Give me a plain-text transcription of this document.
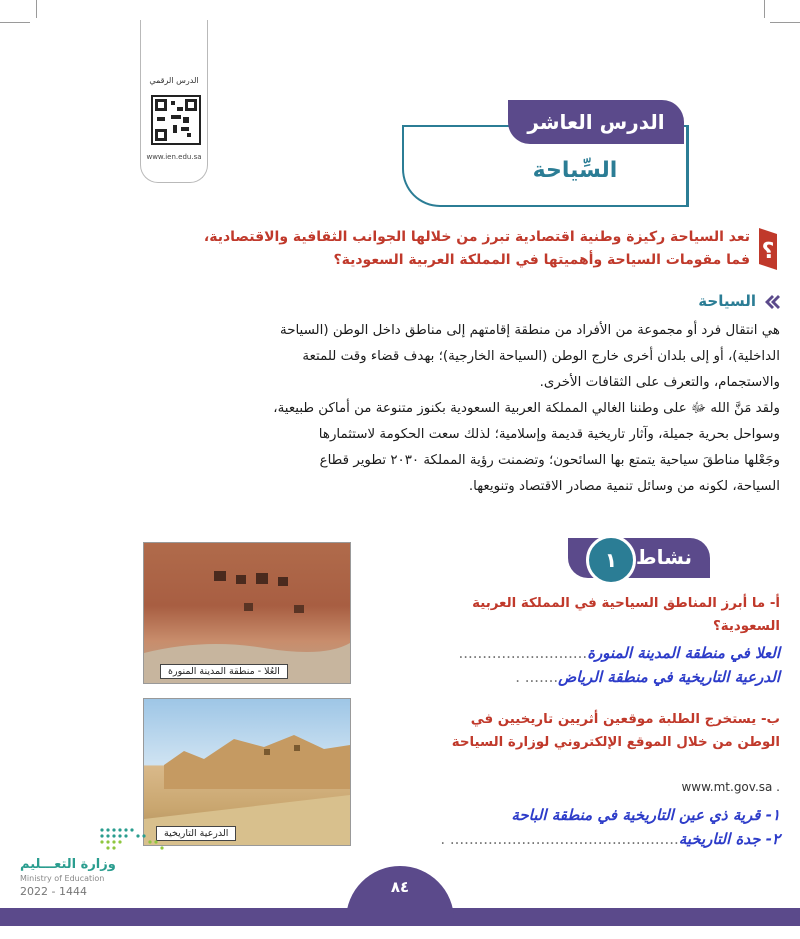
الدرس الرقمي
www.ien.edu.sa
الدرس العاشر
السِّياحة
؟
تعد السياحة ركيزة وطنية اقتصادية تبرز من خلالها الجوانب الثقافية والاقتصادية،
فما مقومات السياحة وأهميتها في المملكة العربية السعودية؟
السياحة
هي انتقال فرد أو مجموعة من الأفراد من منطقة إقامتهم إلى مناطق داخل الوطن (السياحة
الداخلية)، أو إلى بلدان أخرى خارج الوطن (السياحة الخارجية)؛ بهدف قضاء وقت للمتعة
والاستجمام، والتعرف على الثقافات الأخرى.
ولقد مَنَّ الله ﷻ على وطننا الغالي المملكة العربية السعودية بكنوز متنوعة من أماكن طبيعية،
وسواحل بحرية جميلة، وآثار تاريخية قديمة وإسلامية؛ لذلك سعت الحكومة لاستثمارها
وجَعْلها مناطقَ سياحية يتمتع بها السائحون؛ وتضمنت رؤية المملكة ٢٠٣٠ تطوير قطاع
السياحة، لكونه من وسائل تنمية مصادر الاقتصاد وتنويعها.
نشاط
١
أ- ما أبرز المناطق السياحية في المملكة العربية
السعودية؟
العلا في منطقة المدينة المنورة...........................
الدرعية التاريخية في منطقة الرياض....... .
ب- يستخرج الطلبة موقعين أثريين تاريخيين في
الوطن من خلال الموقع الإلكتروني لوزارة السياحة
www.mt.gov.sa .
١- قرية ذي عين التاريخية في منطقة الباحة
٢- جدة التاريخية................................................ .
العُلا - منطقة المدينة المنورة
الدرعية التاريخية
وزارة التعـــليم
Ministry of Education
2022 - 1444	٨٤
